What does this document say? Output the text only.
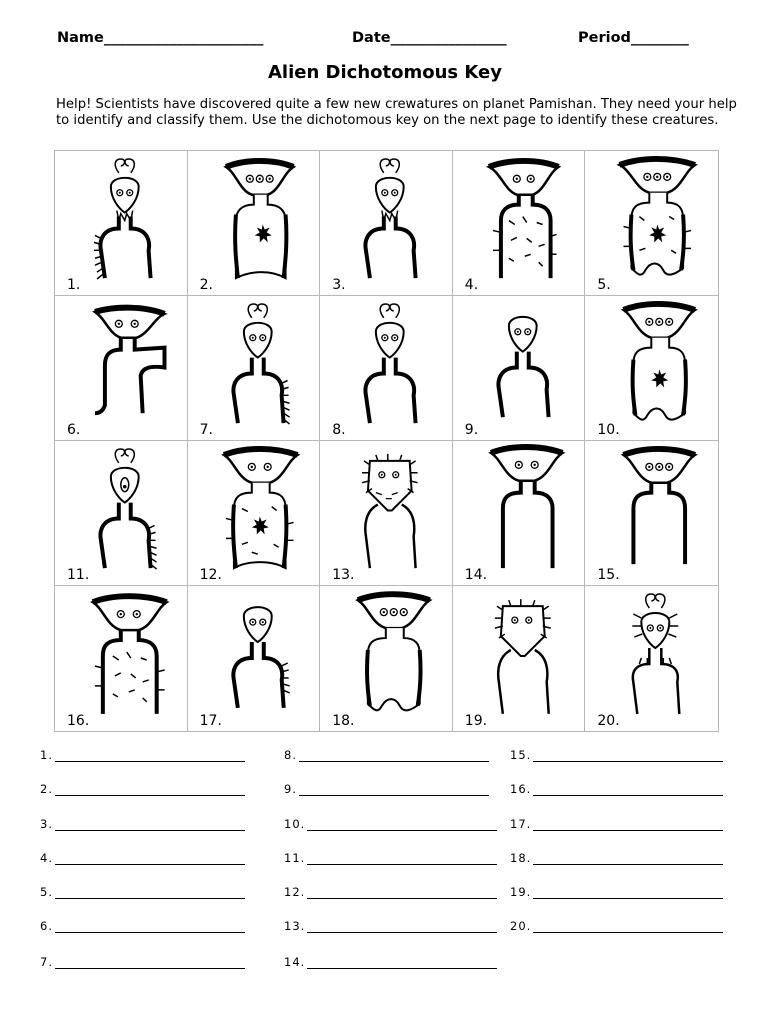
Name______________________	Date________________	Period________
Alien Dichotomous Key
Help! Scientists have discovered quite a few new crewatures on planet Pamishan. They need your help to identify and classify them. Use the dichotomous key on the next page to identify these creatures.
1.	2.	3.	4.	5.
6.	7.	8.	9.	10.
11.	12.	13.	14.	15.
16.	17.	18.	19.	20.
1.
2.
3.
4.
5.
6.
7.
8.
9.
10.
11.
12.
13.
14.
15.
16.
17.
18.
19.
20.
